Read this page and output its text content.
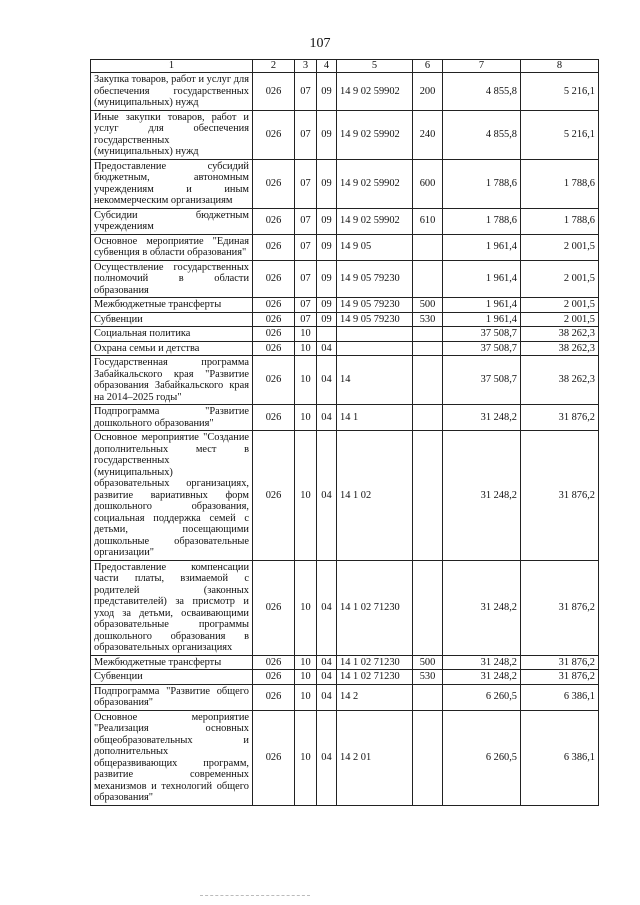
107
1	2	3	4	5	6	7	8
Закупка товаров, работ и услуг для обеспечения государственных (муниципальных) нужд	026	07	09	14 9 02 59902	200	4 855,8	5 216,1
Иные закупки товаров, работ и услуг для обеспечения государственных (муниципальных) нужд	026	07	09	14 9 02 59902	240	4 855,8	5 216,1
Предоставление субсидий бюджетным, автономным учреждениям и иным некоммерческим организациям	026	07	09	14 9 02 59902	600	1 788,6	1 788,6
Субсидии бюджетным учреждениям	026	07	09	14 9 02 59902	610	1 788,6	1 788,6
Основное мероприятие "Единая субвенция в области образования"	026	07	09	14 9 05		1 961,4	2 001,5
Осуществление государственных полномочий в области образования	026	07	09	14 9 05 79230		1 961,4	2 001,5
Межбюджетные трансферты	026	07	09	14 9 05 79230	500	1 961,4	2 001,5
Субвенции	026	07	09	14 9 05 79230	530	1 961,4	2 001,5
Социальная политика	026	10				37 508,7	38 262,3
Охрана семьи и детства	026	10	04			37 508,7	38 262,3
Государственная программа Забайкальского края "Развитие образования Забайкальского края на 2014–2025 годы"	026	10	04	14		37 508,7	38 262,3
Подпрограмма "Развитие дошкольного образования"	026	10	04	14 1		31 248,2	31 876,2
Основное мероприятие "Создание дополнительных мест в государственных (муниципальных) образовательных организациях, развитие вариативных форм дошкольного образования, социальная поддержка семей с детьми, посещающими дошкольные образовательные организации"	026	10	04	14 1 02		31 248,2	31 876,2
Предоставление компенсации части платы, взимаемой с родителей (законных представителей) за присмотр и уход за детьми, осваивающими образовательные программы дошкольного образования в образовательных организациях	026	10	04	14 1 02 71230		31 248,2	31 876,2
Межбюджетные трансферты	026	10	04	14 1 02 71230	500	31 248,2	31 876,2
Субвенции	026	10	04	14 1 02 71230	530	31 248,2	31 876,2
Подпрограмма "Развитие общего образования"	026	10	04	14 2		6 260,5	6 386,1
Основное мероприятие "Реализация основных общеобразовательных и дополнительных общеразвивающих программ, развитие современных механизмов и технологий общего образования"	026	10	04	14 2 01		6 260,5	6 386,1
